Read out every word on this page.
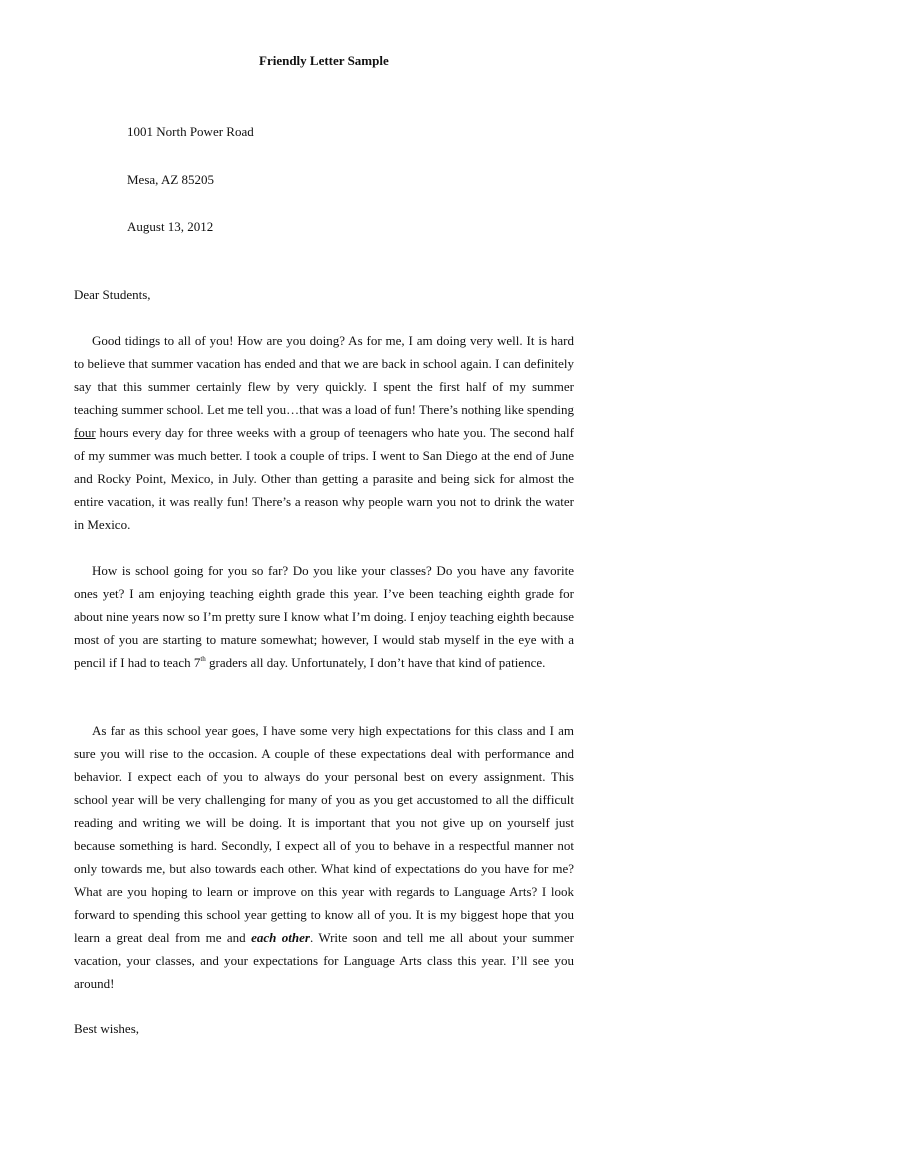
Friendly Letter Sample

1001 North Power Road

Mesa, AZ 85205

August 13, 2012

Dear Students,

Good tidings to all of you! How are you doing? As for me, I am doing very well. It is hard to believe that summer vacation has ended and that we are back in school again. I can definitely say that this summer certainly flew by very quickly. I spent the first half of my summer teaching summer school. Let me tell you…that was a load of fun! There’s nothing like spending four hours every day for three weeks with a group of teenagers who hate you. The second half of my summer was much better. I took a couple of trips. I went to San Diego at the end of June and Rocky Point, Mexico, in July. Other than getting a parasite and being sick for almost the entire vacation, it was really fun! There’s a reason why people warn you not to drink the water in Mexico.

How is school going for you so far? Do you like your classes? Do you have any favorite ones yet? I am enjoying teaching eighth grade this year. I’ve been teaching eighth grade for about nine years now so I’m pretty sure I know what I’m doing. I enjoy teaching eighth because most of you are starting to mature somewhat; however, I would stab myself in the eye with a pencil if I had to teach 7th graders all day. Unfortunately, I don’t have that kind of patience.

As far as this school year goes, I have some very high expectations for this class and I am sure you will rise to the occasion. A couple of these expectations deal with performance and behavior. I expect each of you to always do your personal best on every assignment. This school year will be very challenging for many of you as you get accustomed to all the difficult reading and writing we will be doing. It is important that you not give up on yourself just because something is hard. Secondly, I expect all of you to behave in a respectful manner not only towards me, but also towards each other. What kind of expectations do you have for me? What are you hoping to learn or improve on this year with regards to Language Arts? I look forward to spending this school year getting to know all of you. It is my biggest hope that you learn a great deal from me and each other. Write soon and tell me all about your summer vacation, your classes, and your expectations for Language Arts class this year. I’ll see you around!

Best wishes,
